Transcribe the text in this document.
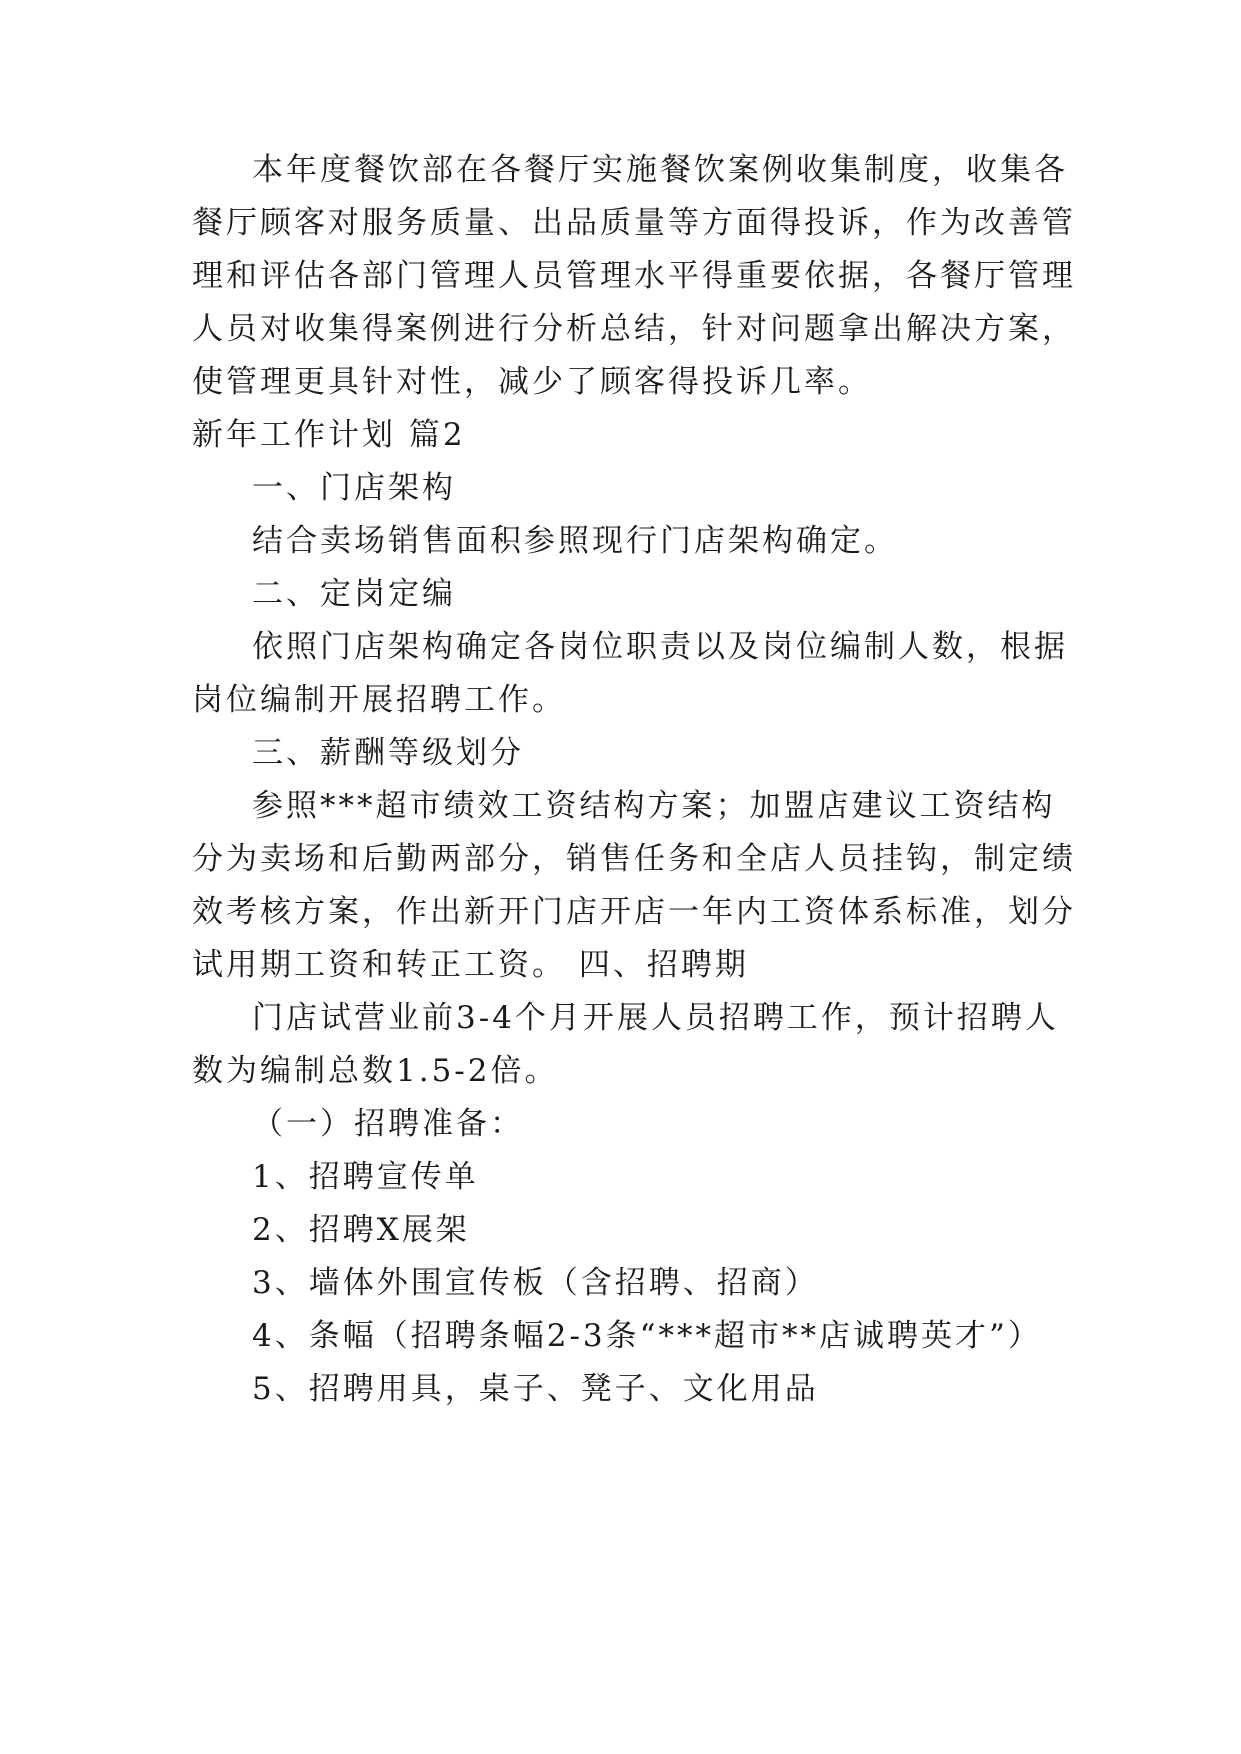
本年度餐饮部在各餐厅实施餐饮案例收集制度，收集各
餐厅顾客对服务质量、出品质量等方面得投诉，作为改善管
理和评估各部门管理人员管理水平得重要依据，各餐厅管理
人员对收集得案例进行分析总结，针对问题拿出解决方案，
使管理更具针对性，减少了顾客得投诉几率。
新年工作计划 篇2
一、门店架构
结合卖场销售面积参照现行门店架构确定。
二、定岗定编
依照门店架构确定各岗位职责以及岗位编制人数，根据
岗位编制开展招聘工作。
三、薪酬等级划分
参照***超市绩效工资结构方案；加盟店建议工资结构
分为卖场和后勤两部分，销售任务和全店人员挂钩，制定绩
效考核方案，作出新开门店开店一年内工资体系标准，划分
试用期工资和转正工资。 四、招聘期
门店试营业前3-4个月开展人员招聘工作，预计招聘人
数为编制总数1.5-2倍。
（一）招聘准备：
1、招聘宣传单
2、招聘X展架
3、墙体外围宣传板（含招聘、招商）
4、条幅（招聘条幅2-3条“***超市**店诚聘英才”）
5、招聘用具，桌子、凳子、文化用品
